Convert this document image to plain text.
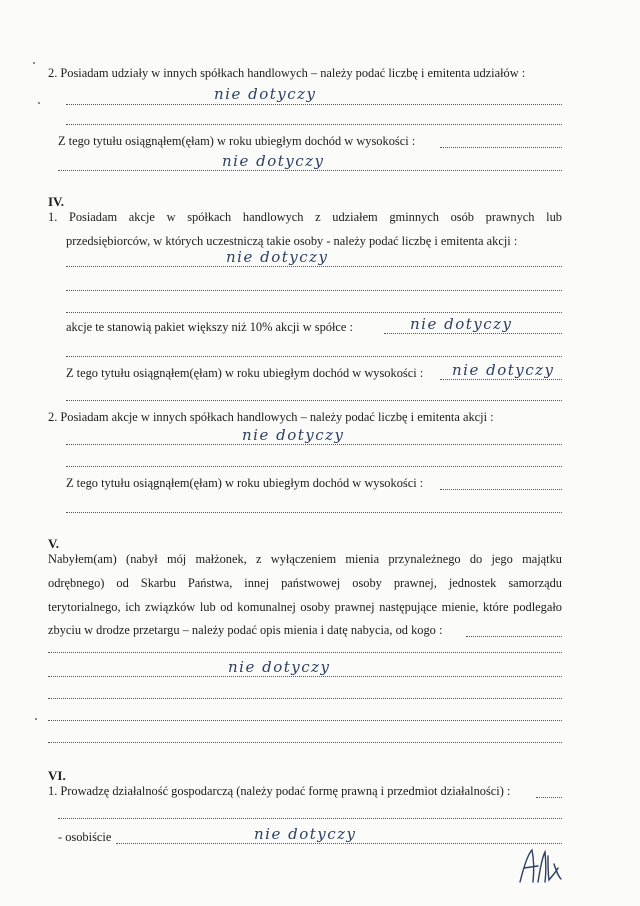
2. Posiadam udziały w innych spółkach handlowych – należy podać liczbę i emitenta udziałów :
nie dotyczy
Z tego tytułu osiągnąłem(ęłam) w roku ubiegłym dochód w wysokości :
nie dotyczy
IV.
1. Posiadam akcje w spółkach handlowych z udziałem gminnych osób prawnych lub
przedsiębiorców, w których uczestniczą takie osoby - należy podać liczbę i emitenta akcji :
nie dotyczy
akcje te stanowią pakiet większy niż 10% akcji w spółce :	nie dotyczy
Z tego tytułu osiągnąłem(ęłam) w roku ubiegłym dochód w wysokości : nie dotyczy
2. Posiadam akcje w innych spółkach handlowych – należy podać liczbę i emitenta akcji :
nie dotyczy
Z tego tytułu osiągnąłem(ęłam) w roku ubiegłym dochód w wysokości :
V.
Nabyłem(am) (nabył mój małżonek, z wyłączeniem mienia przynależnego do jego majątku
odrębnego) od Skarbu Państwa, innej państwowej osoby prawnej, jednostek samorządu
terytorialnego, ich związków lub od komunalnej osoby prawnej następujące mienie, które podlegało
zbyciu w drodze przetargu – należy podać opis mienia i datę nabycia, od kogo :
nie dotyczy
VI.
1. Prowadzę działalność gospodarczą (należy podać formę prawną i przedmiot działalności) :
- osobiście	nie dotyczy
